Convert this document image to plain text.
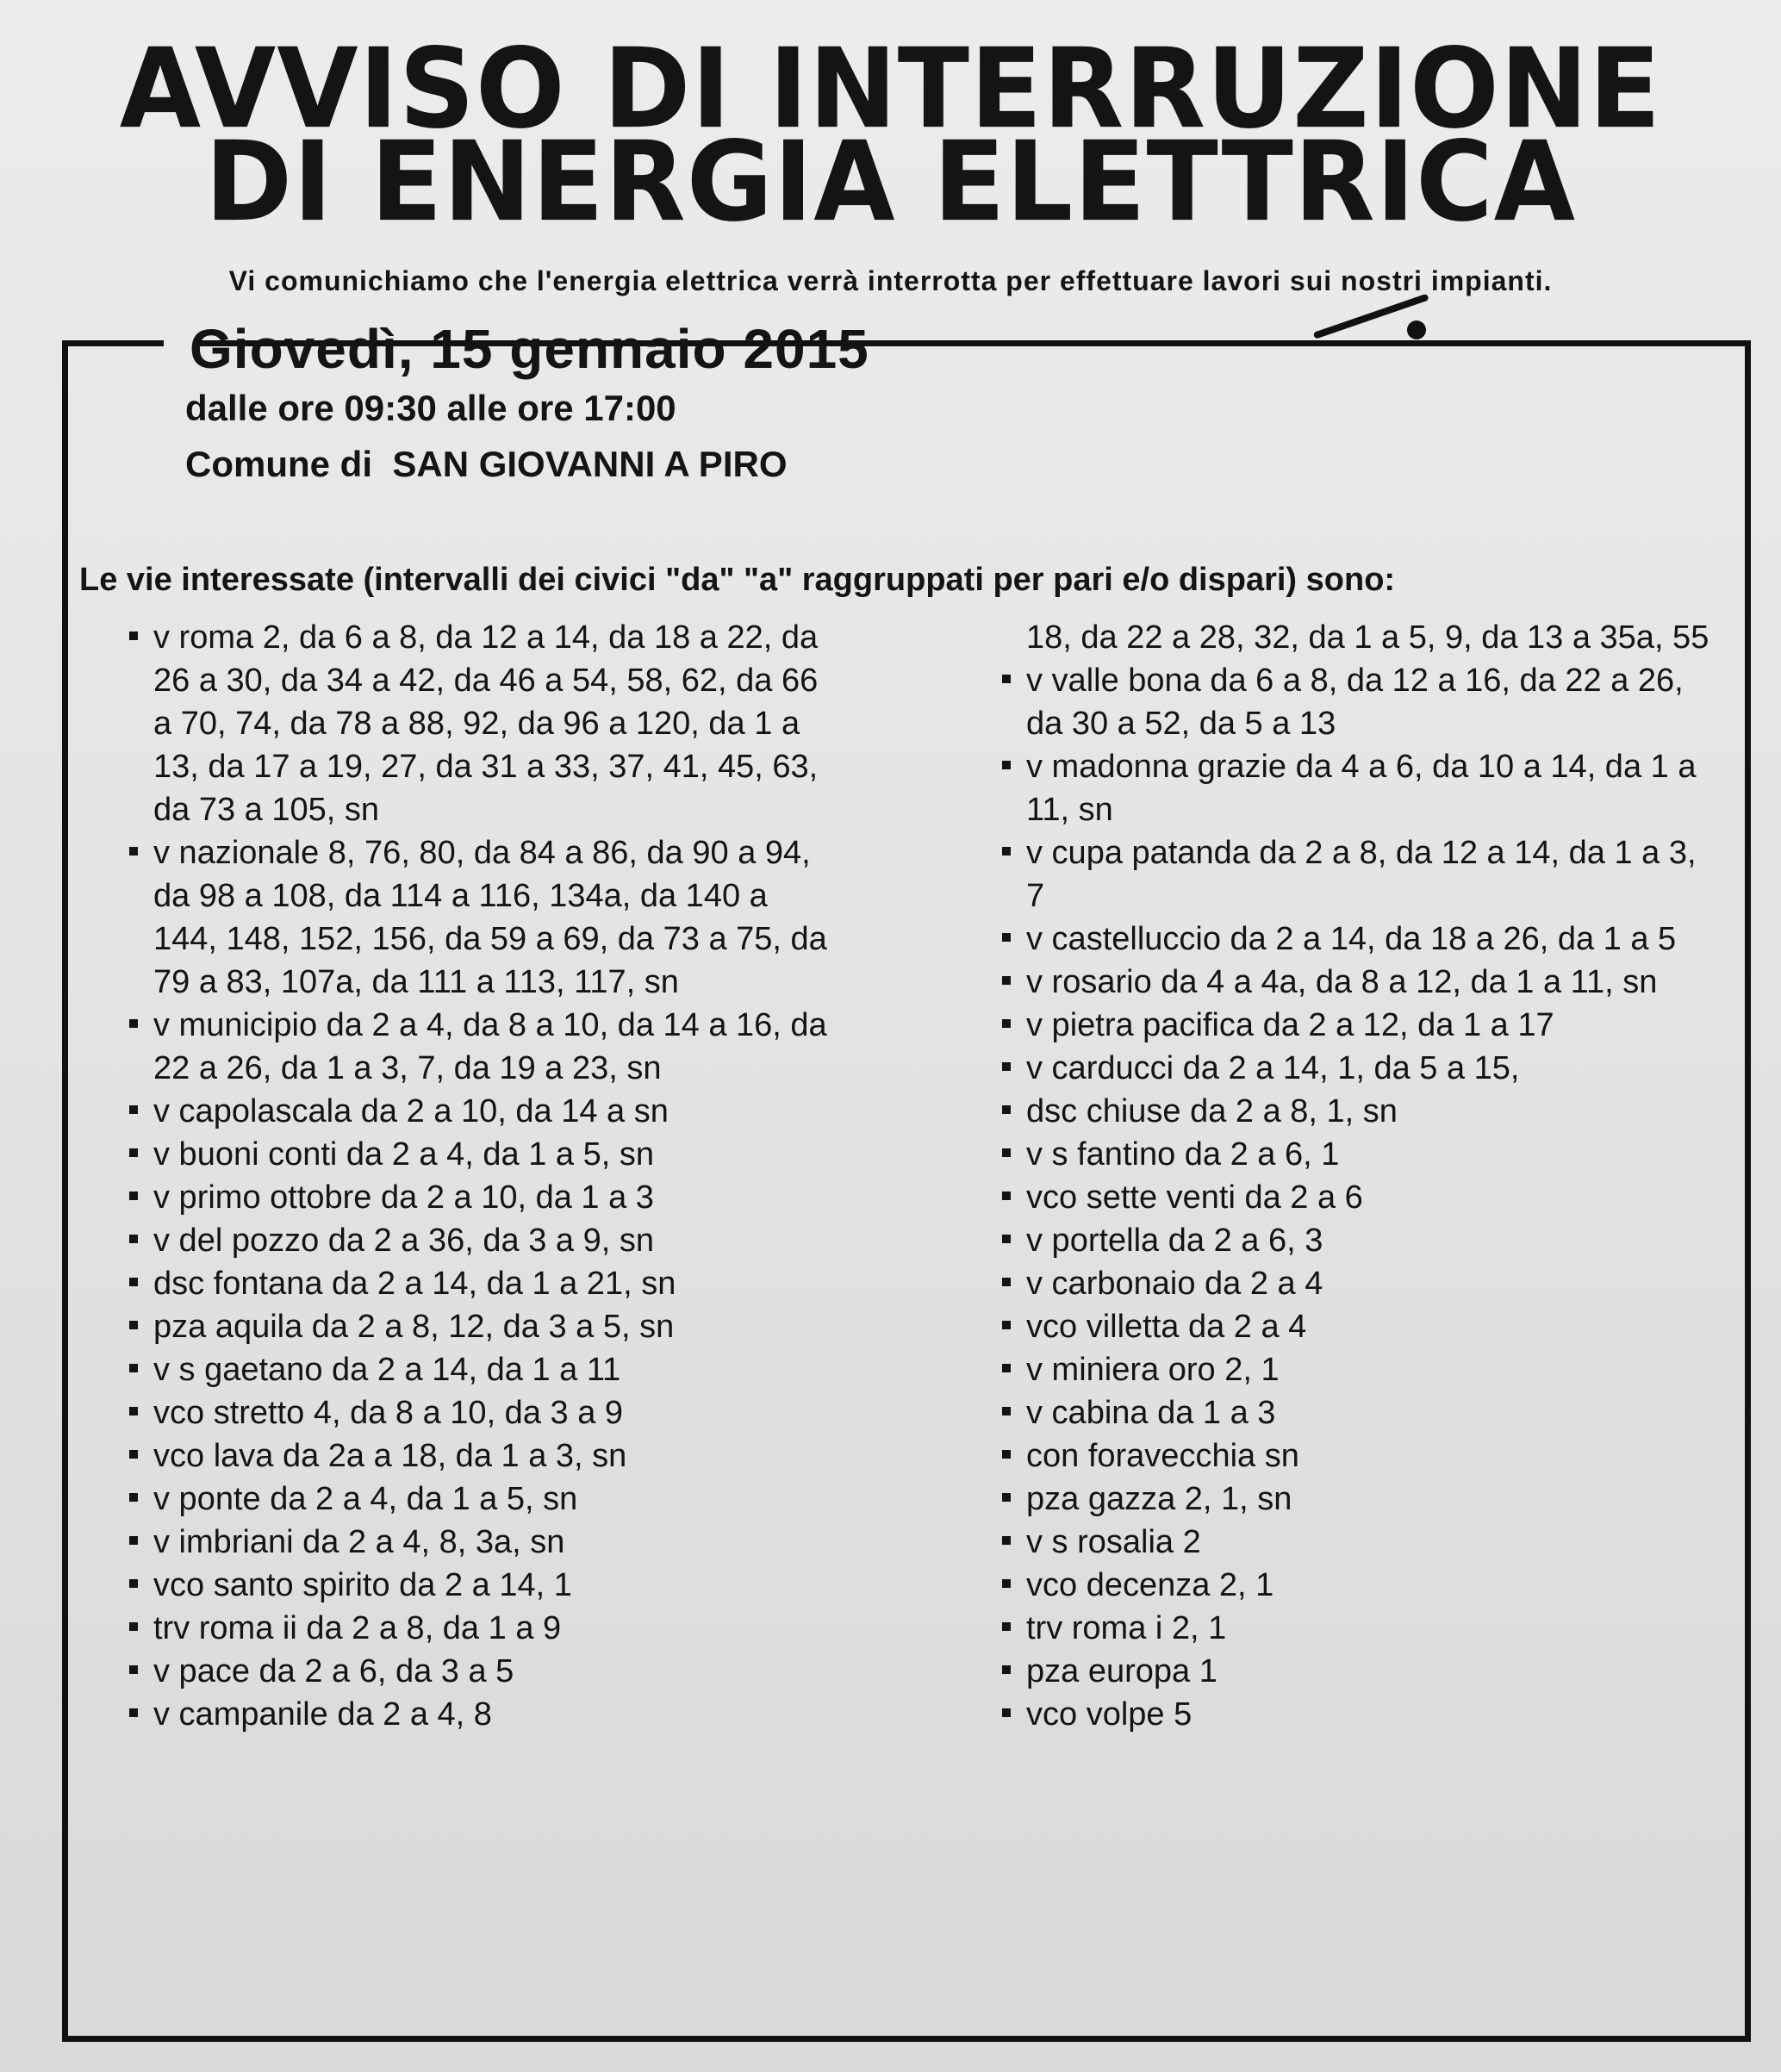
AVVISO DI INTERRUZIONE
DI ENERGIA ELETTRICA
Vi comunichiamo che l'energia elettrica verrà interrotta per effettuare lavori sui nostri impianti.
Giovedì, 15 gennaio 2015
dalle ore 09:30 alle ore 17:00
Comune di SAN GIOVANNI A PIRO
Le vie interessate (intervalli dei civici "da" "a" raggruppati per pari e/o dispari) sono:
v roma 2, da 6 a 8, da 12 a 14, da 18 a 22, da 26 a 30, da 34 a 42, da 46 a 54, 58, 62, da 66 a 70, 74, da 78 a 88, 92, da 96 a 120, da 1 a 13, da 17 a 19, 27, da 31 a 33, 37, 41, 45, 63, da 73 a 105, sn
v nazionale 8, 76, 80, da 84 a 86, da 90 a 94, da 98 a 108, da 114 a 116, 134a, da 140 a 144, 148, 152, 156, da 59 a 69, da 73 a 75, da 79 a 83, 107a, da 111 a 113, 117, sn
v municipio da 2 a 4, da 8 a 10, da 14 a 16, da 22 a 26, da 1 a 3, 7, da 19 a 23, sn
v capolascala da 2 a 10, da 14 a sn
v buoni conti da 2 a 4, da 1 a 5, sn
v primo ottobre da 2 a 10, da 1 a 3
v del pozzo da 2 a 36, da 3 a 9, sn
dsc fontana da 2 a 14, da 1 a 21, sn
pza aquila da 2 a 8, 12, da 3 a 5, sn
v s gaetano da 2 a 14, da 1 a 11
vco stretto 4, da 8 a 10, da 3 a 9
vco lava da 2a a 18, da 1 a 3, sn
v ponte da 2 a 4, da 1 a 5, sn
v imbriani da 2 a 4, 8, 3a, sn
vco santo spirito da 2 a 14, 1
trv roma ii da 2 a 8, da 1 a 9
v pace da 2 a 6, da 3 a 5
v campanile da 2 a 4, 8
18, da 22 a 28, 32, da 1 a 5, 9, da 13 a 35a, 55
v valle bona da 6 a 8, da 12 a 16, da 22 a 26, da 30 a 52, da 5 a 13
v madonna grazie da 4 a 6, da 10 a 14, da 1 a 11, sn
v cupa patanda da 2 a 8, da 12 a 14, da 1 a 3, 7
v castelluccio da 2 a 14, da 18 a 26, da 1 a 5
v rosario da 4 a 4a, da 8 a 12, da 1 a 11, sn
v pietra pacifica da 2 a 12, da 1 a 17
v carducci da 2 a 14, 1, da 5 a 15,
dsc chiuse da 2 a 8, 1, sn
v s fantino da 2 a 6, 1
vco sette venti da 2 a 6
v portella da 2 a 6, 3
v carbonaio da 2 a 4
vco villetta da 2 a 4
v miniera oro 2, 1
v cabina da 1 a 3
con foravecchia sn
pza gazza 2, 1, sn
v s rosalia 2
vco decenza 2, 1
trv roma i 2, 1
pza europa 1
vco volpe 5
